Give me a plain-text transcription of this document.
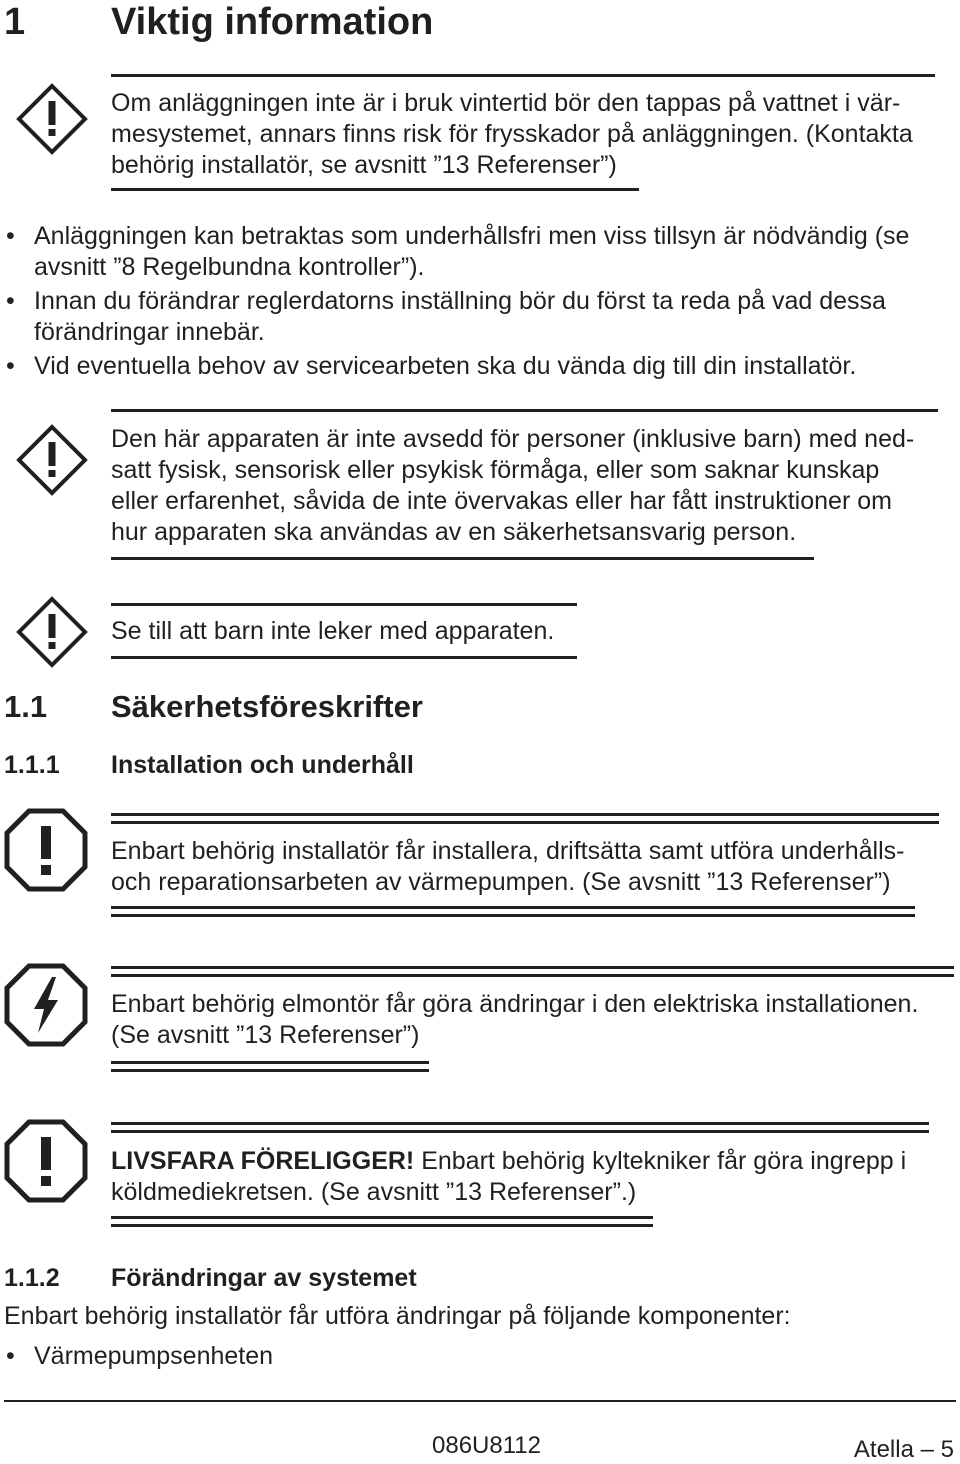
1 Viktig information
Om anläggningen inte är i bruk vintertid bör den tappas på vattnet i vär-
mesystemet, annars finns risk för frysskador på anläggningen. (Kontakta
behörig installatör, se avsnitt ”13 Referenser”)
• Anläggningen kan betraktas som underhållsfri men viss tillsyn är nödvändig (se
avsnitt ”8 Regelbundna kontroller”).
• Innan du förändrar reglerdatorns inställning bör du först ta reda på vad dessa
förändringar innebär.
• Vid eventuella behov av servicearbeten ska du vända dig till din installatör.
Den här apparaten är inte avsedd för personer (inklusive barn) med ned-
satt fysisk, sensorisk eller psykisk förmåga, eller som saknar kunskap
eller erfarenhet, såvida de inte övervakas eller har fått instruktioner om
hur apparaten ska användas av en säkerhetsansvarig person.
Se till att barn inte leker med apparaten.
1.1 Säkerhetsföreskrifter
1.1.1 Installation och underhåll
Enbart behörig installatör får installera, driftsätta samt utföra underhålls-
och reparationsarbeten av värmepumpen. (Se avsnitt ”13 Referenser”)
Enbart behörig elmontör får göra ändringar i den elektriska installationen.
(Se avsnitt ”13 Referenser”)
LIVSFARA FÖRELIGGER! Enbart behörig kyltekniker får göra ingrepp i
köldmediekretsen. (Se avsnitt ”13 Referenser”.)
1.1.2 Förändringar av systemet
Enbart behörig installatör får utföra ändringar på följande komponenter:
• Värmepumpsenheten
086U8112	Atella – 5
